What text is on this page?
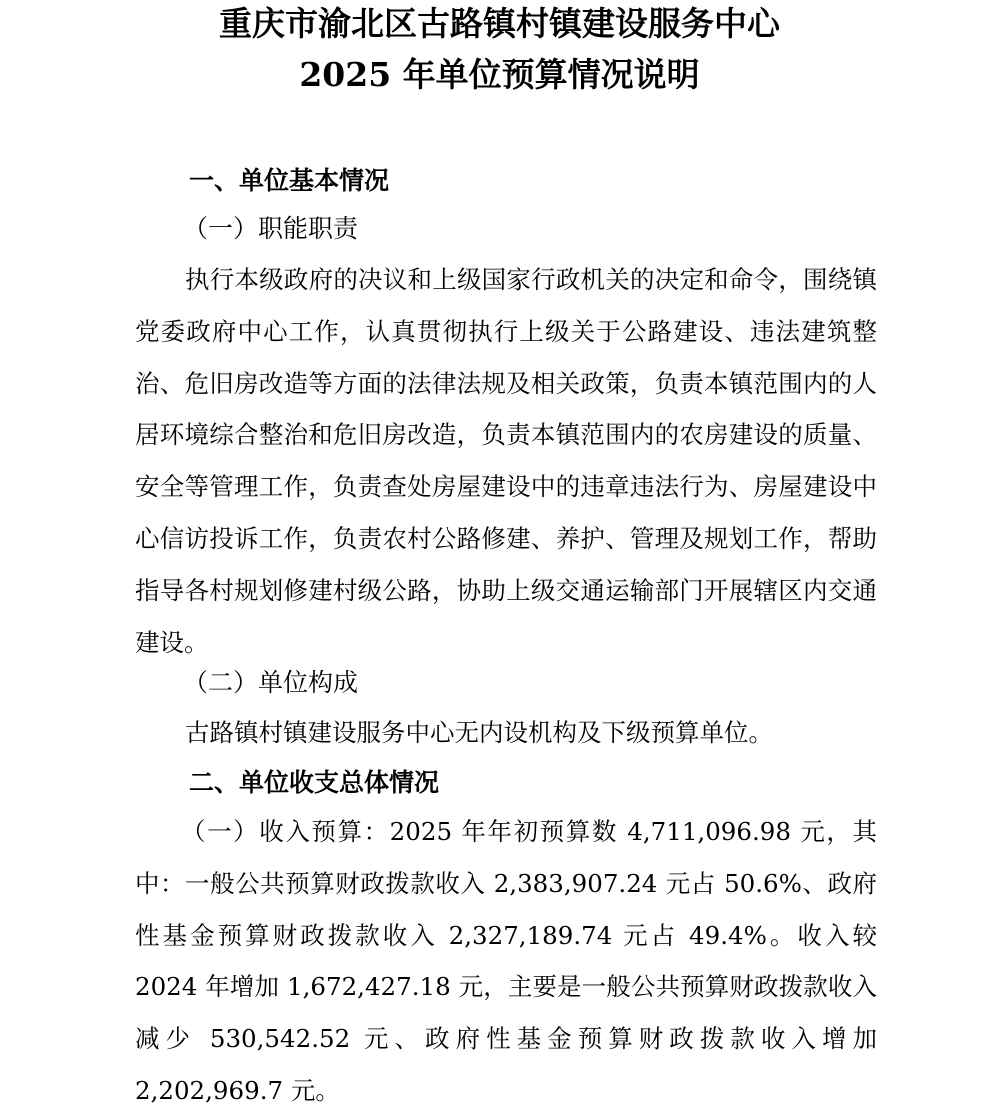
重庆市渝北区古路镇村镇建设服务中心
2025 年单位预算情况说明
一、单位基本情况
（一）职能职责

执行本级政府的决议和上级国家行政机关的决定和命令，围绕镇党委政府中心工作，认真贯彻执行上级关于公路建设、违法建筑整治、危旧房改造等方面的法律法规及相关政策，负责本镇范围内的人居环境综合整治和危旧房改造，负责本镇范围内的农房建设的质量、安全等管理工作，负责查处房屋建设中的违章违法行为、房屋建设中心信访投诉工作，负责农村公路修建、养护、管理及规划工作，帮助指导各村规划修建村级公路，协助上级交通运输部门开展辖区内交通建设。

（二）单位构成

古路镇村镇建设服务中心无内设机构及下级预算单位。

二、单位收支总体情况

（一）收入预算：2025 年年初预算数 4,711,096.98 元，其中：一般公共预算财政拨款收入 2,383,907.24 元占 50.6%、政府性基金预算财政拨款收入 2,327,189.74 元占 49.4%。收入较 2024 年增加 1,672,427.18 元，主要是一般公共预算财政拨款收入减少 530,542.52 元、政府性基金预算财政拨款收入增加 2,202,969.7 元。
